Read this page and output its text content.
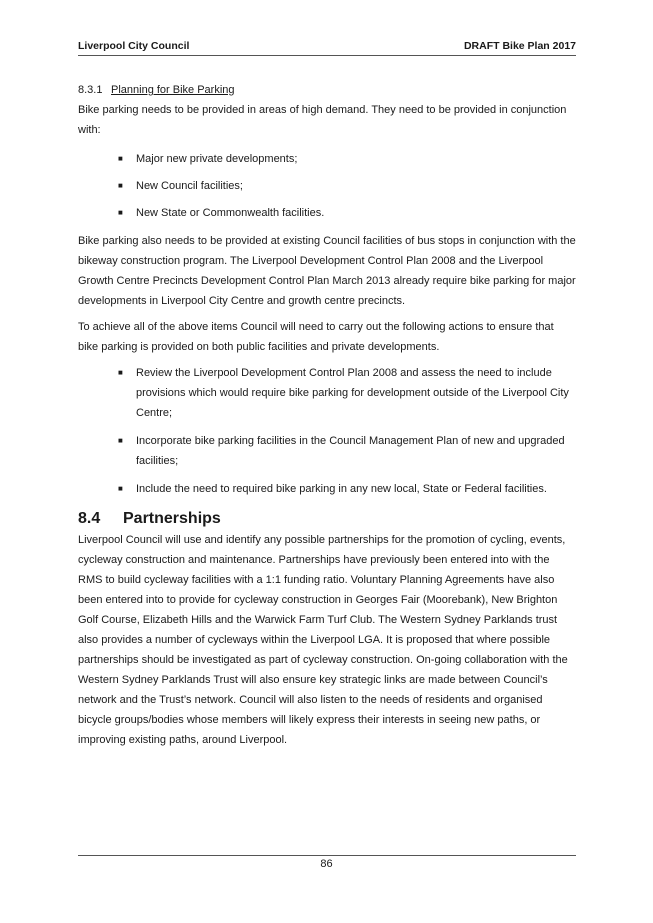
Liverpool City Council	DRAFT Bike Plan 2017

8.3.1 Planning for Bike Parking

Bike parking needs to be provided in areas of high demand. They need to be provided in conjunction with:

■ Major new private developments;
■ New Council facilities;
■ New State or Commonwealth facilities.

Bike parking also needs to be provided at existing Council facilities of bus stops in conjunction with the bikeway construction program. The Liverpool Development Control Plan 2008 and the Liverpool Growth Centre Precincts Development Control Plan March 2013 already require bike parking for major developments in Liverpool City Centre and growth centre precincts.

To achieve all of the above items Council will need to carry out the following actions to ensure that bike parking is provided on both public facilities and private developments.

■ Review the Liverpool Development Control Plan 2008 and assess the need to include provisions which would require bike parking for development outside of the Liverpool City Centre;
■ Incorporate bike parking facilities in the Council Management Plan of new and upgraded facilities;
■ Include the need to required bike parking in any new local, State or Federal facilities.
8.4 Partnerships

Liverpool Council will use and identify any possible partnerships for the promotion of cycling, events, cycleway construction and maintenance. Partnerships have previously been entered into with the RMS to build cycleway facilities with a 1:1 funding ratio. Voluntary Planning Agreements have also been entered into to provide for cycleway construction in Georges Fair (Moorebank), New Brighton Golf Course, Elizabeth Hills and the Warwick Farm Turf Club. The Western Sydney Parklands trust also provides a number of cycleways within the Liverpool LGA. It is proposed that where possible partnerships should be investigated as part of cycleway construction. On-going collaboration with the Western Sydney Parklands Trust will also ensure key strategic links are made between Council’s network and the Trust’s network. Council will also listen to the needs of residents and organised bicycle groups/bodies whose members will likely express their interests in seeing new paths, or improving existing paths, around Liverpool.

86
